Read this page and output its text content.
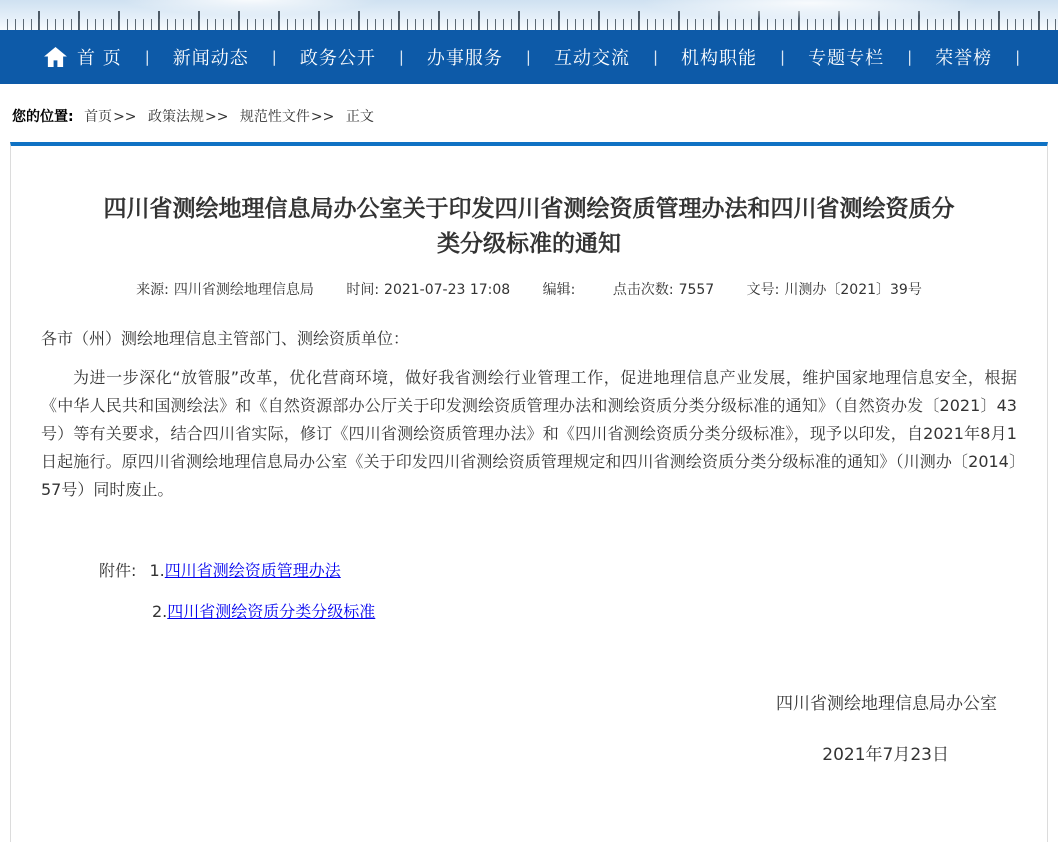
首 页 | 新闻动态 | 政务公开 | 办事服务 | 互动交流 | 机构职能 | 专题专栏 | 荣誉榜 |
您的位置: 首页>> 政策法规>> 规范性文件>> 正文
四川省测绘地理信息局办公室关于印发四川省测绘资质管理办法和四川省测绘资质分类分级标准的通知
来源: 四川省测绘地理信息局 时间: 2021-07-23 17:08 编辑:	点击次数: 7557 文号: 川测办〔2021〕39号

各市（州）测绘地理信息主管部门、测绘资质单位：

为进一步深化“放管服”改革，优化营商环境，做好我省测绘行业管理工作，促进地理信息产业发展，维护国家地理信息安全，根据《中华人民共和国测绘法》和《自然资源部办公厅关于印发测绘资质管理办法和测绘资质分类分级标准的通知》（自然资办发〔2021〕43号）等有关要求，结合四川省实际，修订《四川省测绘资质管理办法》和《四川省测绘资质分类分级标准》，现予以印发，自2021年8月1日起施行。原四川省测绘地理信息局办公室《关于印发四川省测绘资质管理规定和四川省测绘资质分类分级标准的通知》（川测办〔2014〕57号）同时废止。

附件: 1.四川省测绘资质管理办法
2.四川省测绘资质分类分级标准
四川省测绘地理信息局办公室
2021年7月23日
